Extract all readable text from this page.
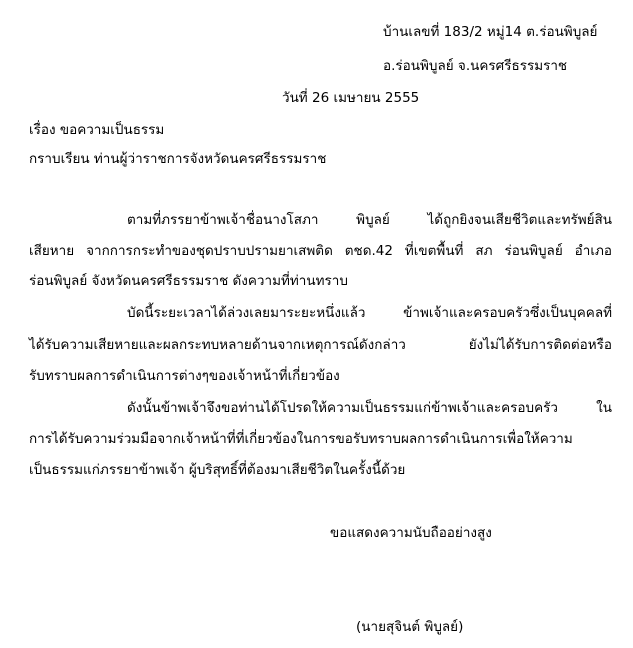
บ้านเลขที่ 183/2 หมู่14 ต.ร่อนพิบูลย์
อ.ร่อนพิบูลย์ จ.นครศรีธรรมราช
วันที่ 26 เมษายน 2555
เรื่อง ขอความเป็นธรรม
กราบเรียน ท่านผู้ว่าราชการจังหวัดนครศรีธรรมราช
ตามที่ภรรยาข้าพเจ้าชื่อนางโสภา พิบูลย์ ได้ถูกยิงจนเสียชีวิตและทรัพย์สิน
เสียหาย จากการกระทำของชุดปราบปรามยาเสพติด ตชด.42 ที่เขตพื้นที่ สภ ร่อนพิบูลย์ อำเภอ
ร่อนพิบูลย์ จังหวัดนครศรีธรรมราช ดังความที่ท่านทราบ
บัดนี้ระยะเวลาได้ล่วงเลยมาระยะหนึ่งแล้ว ข้าพเจ้าและครอบครัวซึ่งเป็นบุคคลที่
ได้รับความเสียหายและผลกระทบหลายด้านจากเหตุการณ์ดังกล่าว ยังไม่ได้รับการติดต่อหรือ
รับทราบผลการดำเนินการต่างๆของเจ้าหน้าที่เกี่ยวข้อง
ดังนั้นข้าพเจ้าจึงขอท่านได้โปรดให้ความเป็นธรรมแก่ข้าพเจ้าและครอบครัว ใน
การได้รับความร่วมมือจากเจ้าหน้าที่ที่เกี่ยวข้องในการขอรับทราบผลการดำเนินการเพื่อให้ความ
เป็นธรรมแก่ภรรยาข้าพเจ้า ผู้บริสุทธิ์ที่ต้องมาเสียชีวิตในครั้งนี้ด้วย
ขอแสดงความนับถืออย่างสูง
(นายสุจินต์ พิบูลย์)
